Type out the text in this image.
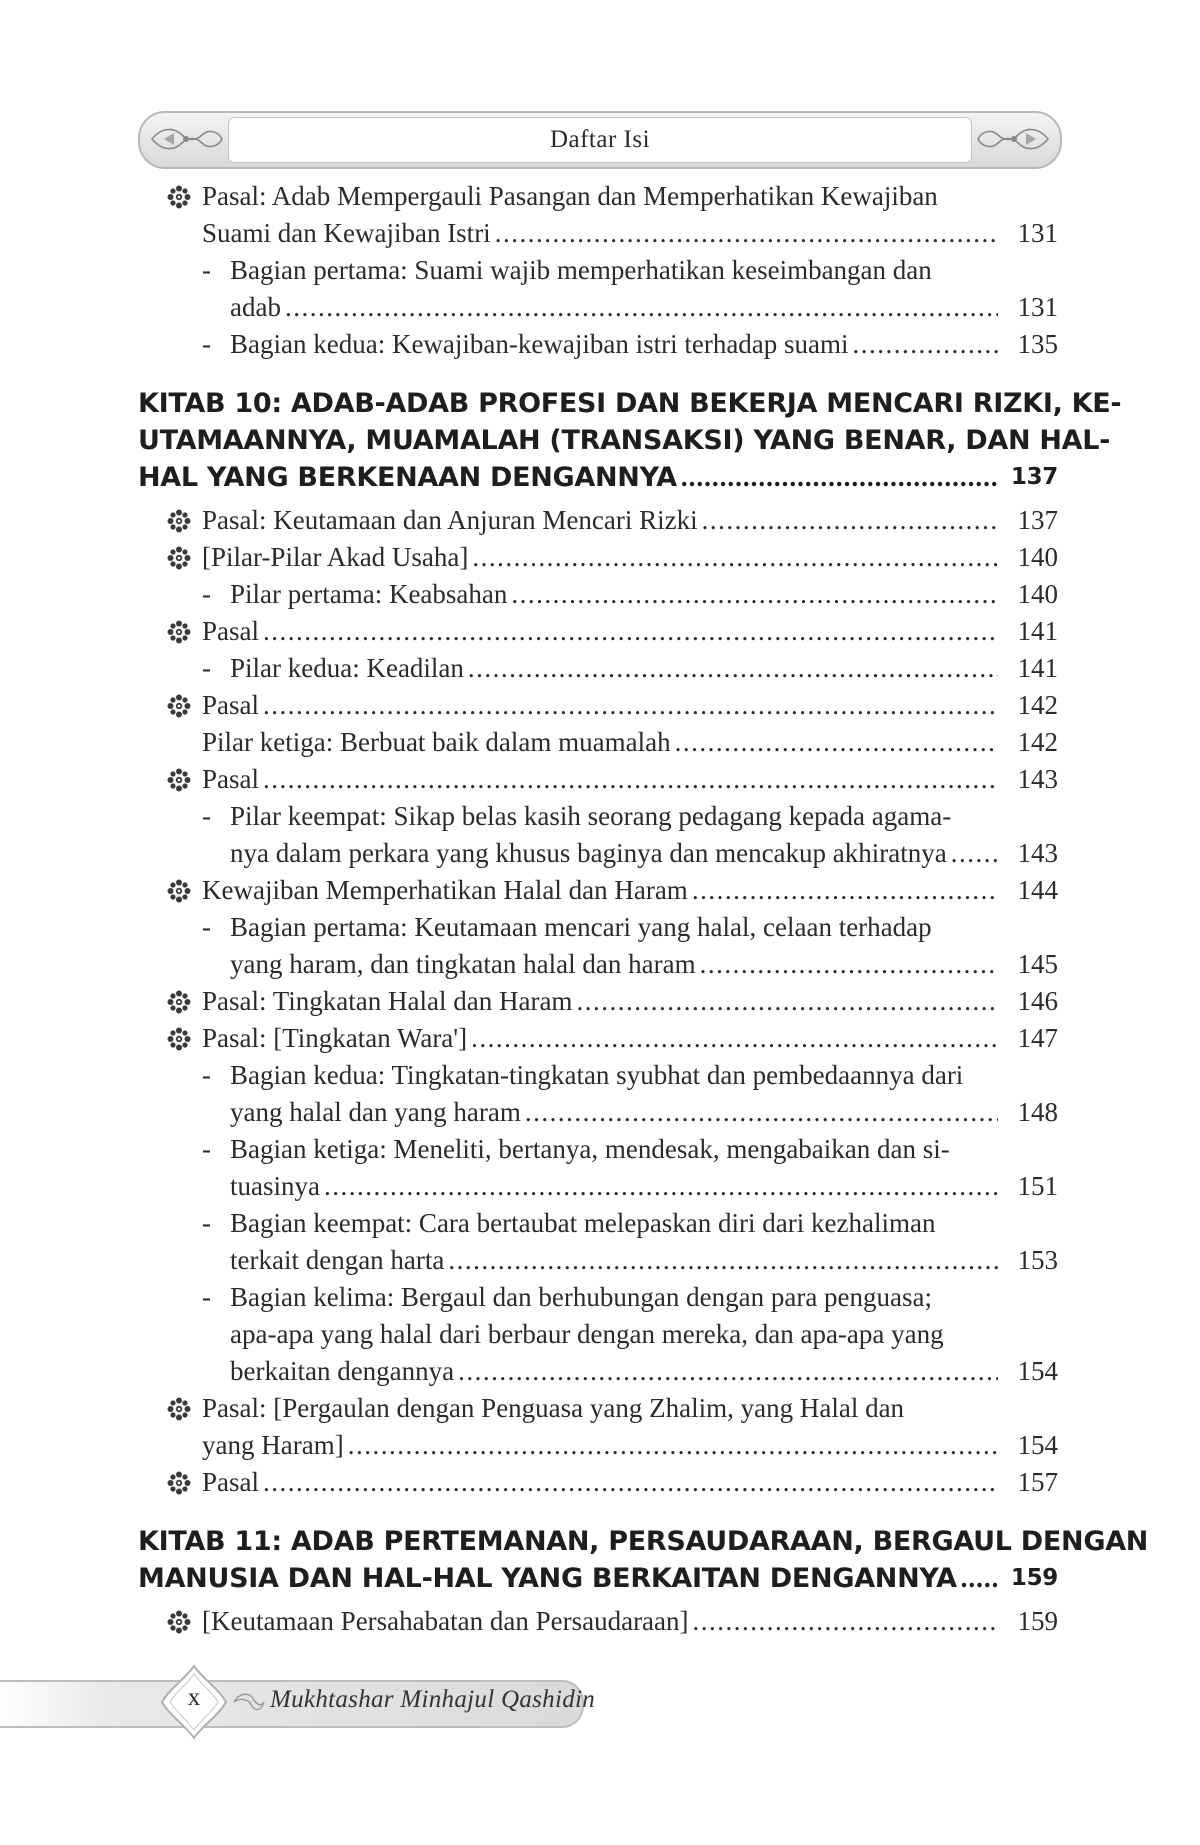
Daftar Isi
Pasal: Adab Mempergauli Pasangan dan Memperhatikan Kewajiban
Suami dan Kewajiban Istri .....	131
- Bagian pertama: Suami wajib memperhatikan keseimbangan dan
adab .....	131
- Bagian kedua: Kewajiban-kewajiban istri terhadap suami .....	135
KITAB 10: ADAB-ADAB PROFESI DAN BEKERJA MENCARI RIZKI, KE-
UTAMAANNYA, MUAMALAH (TRANSAKSI) YANG BENAR, DAN HAL-
HAL YANG BERKENAAN DENGANNYA .....	137
Pasal: Keutamaan dan Anjuran Mencari Rizki .....	137
[Pilar-Pilar Akad Usaha] .....	140
- Pilar pertama: Keabsahan .....	140
Pasal .....	141
- Pilar kedua: Keadilan .....	141
Pasal .....	142
Pilar ketiga: Berbuat baik dalam muamalah .....	142
Pasal .....	143
- Pilar keempat: Sikap belas kasih seorang pedagang kepada agama-
nya dalam perkara yang khusus baginya dan mencakup akhiratnya .....	143
Kewajiban Memperhatikan Halal dan Haram .....	144
- Bagian pertama: Keutamaan mencari yang halal, celaan terhadap
yang haram, dan tingkatan halal dan haram .....	145
Pasal: Tingkatan Halal dan Haram .....	146
Pasal: [Tingkatan Wara'] .....	147
- Bagian kedua: Tingkatan-tingkatan syubhat dan pembedaannya dari
yang halal dan yang haram .....	148
- Bagian ketiga: Meneliti, bertanya, mendesak, mengabaikan dan si-
tuasinya .....	151
- Bagian keempat: Cara bertaubat melepaskan diri dari kezhaliman
terkait dengan harta .....	153
- Bagian kelima: Bergaul dan berhubungan dengan para penguasa;
apa-apa yang halal dari berbaur dengan mereka, dan apa-apa yang
berkaitan dengannya .....	154
Pasal: [Pergaulan dengan Penguasa yang Zhalim, yang Halal dan
yang Haram] .....	154
Pasal .....	157
KITAB 11: ADAB PERTEMANAN, PERSAUDARAAN, BERGAUL DENGAN
MANUSIA DAN HAL-HAL YANG BERKAITAN DENGANNYA ..... 159
[Keutamaan Persahabatan dan Persaudaraan] .....	159
x	Mukhtashar Minhajul Qashidin
